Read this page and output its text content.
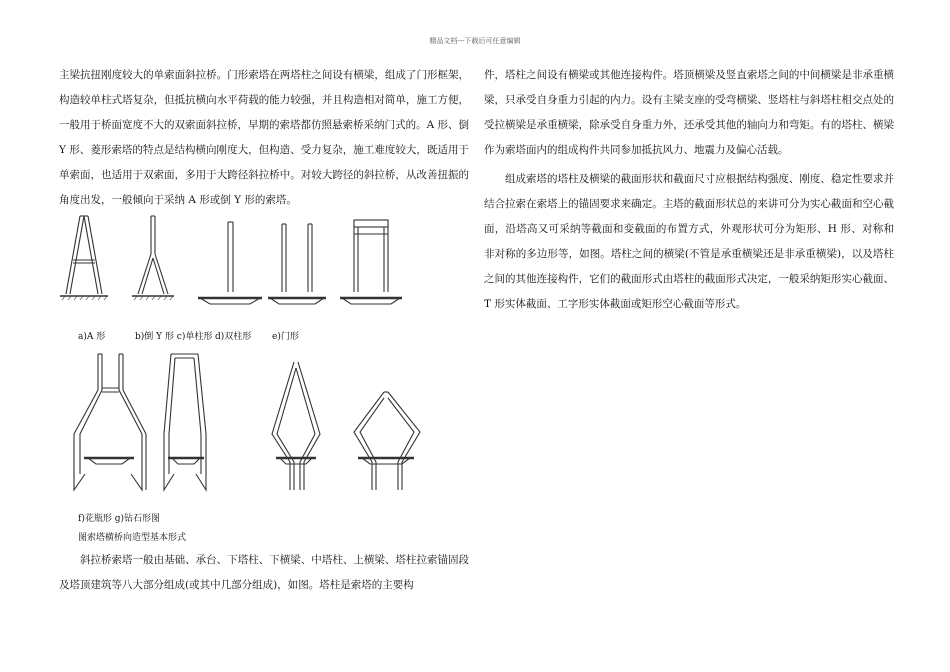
精品文档---下载后可任意编辑

主梁抗扭刚度较大的单索面斜拉桥。门形索塔在两塔柱之间设有横梁，组成了门形框架，构造较单柱式塔复杂，但抵抗横向水平荷载的能力较强，并且构造相对简单，施工方便，一般用于桥面宽度不大的双索面斜拉桥，早期的索塔都仿照悬索桥采纳门式的。A 形、倒 Y 形、菱形索塔的特点是结构横向刚度大，但构造、受力复杂，施工难度较大，既适用于单索面，也适用于双索面，多用于大跨径斜拉桥中。对较大跨径的斜拉桥，从改善扭振的角度出发，一般倾向于采纳 A 形或倒 Y 形的索塔。

a)A 形	b)倒 Y 形 c)单柱形 d)双柱形 e)门形
f)花瓶形 g)钻石形图
图索塔横桥向造型基本形式

斜拉桥索塔一般由基础、承台、下塔柱、下横梁、中塔柱、上横梁、塔柱拉索锚固段及塔顶建筑等八大部分组成(或其中几部分组成)，如图。塔柱是索塔的主要构

件，塔柱之间设有横梁或其他连接构件。塔顶横梁及竖直索塔之间的中间横梁是非承重横梁，只承受自身重力引起的内力。设有主梁支座的受弯横梁、竖塔柱与斜塔柱相交点处的受拉横梁是承重横梁，除承受自身重力外，还承受其他的轴向力和弯矩。有的塔柱、横梁作为索塔面内的组成构件共同参加抵抗风力、地震力及偏心活载。

组成索塔的塔柱及横梁的截面形状和截面尺寸应根据结构强度、刚度、稳定性要求并结合拉索在索塔上的锚固要求来确定。主塔的截面形状总的来讲可分为实心截面和空心截面，沿塔高又可采纳等截面和变截面的布置方式，外观形状可分为矩形、H 形、对称和非对称的多边形等，如图。塔柱之间的横梁(不管是承重横梁还是非承重横梁)，以及塔柱之间的其他连接构件，它们的截面形式由塔柱的截面形式决定，一般采纳矩形实心截面、T 形实体截面、工字形实体截面或矩形空心截面等形式。
